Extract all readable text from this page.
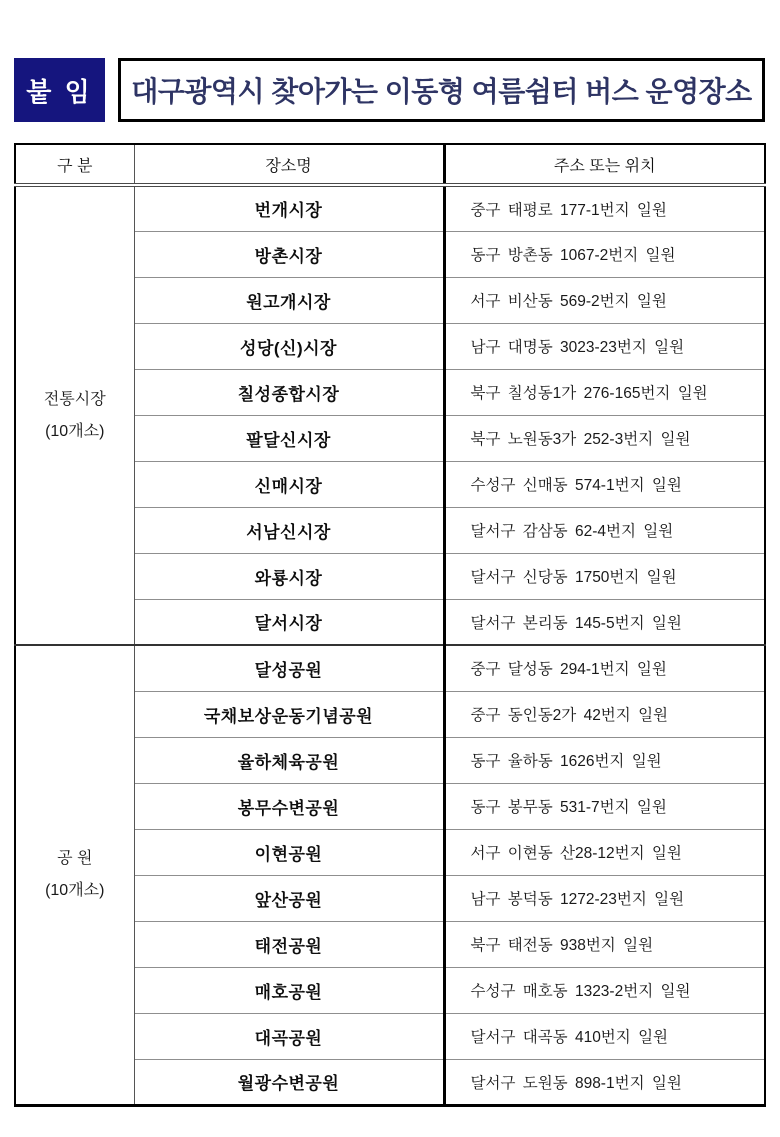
붙 임	대구광역시 찾아가는 이동형 여름쉼터 버스 운영장소
구 분	장소명	주소 또는 위치
전통시장
(10개소)	번개시장	중구 태평로 177-1번지 일원
	방촌시장	동구 방촌동 1067-2번지 일원
	원고개시장	서구 비산동 569-2번지 일원
	성당(신)시장	남구 대명동 3023-23번지 일원
	칠성종합시장	북구 칠성동1가 276-165번지 일원
	팔달신시장	북구 노원동3가 252-3번지 일원
	신매시장	수성구 신매동 574-1번지 일원
	서남신시장	달서구 감삼동 62-4번지 일원
	와룡시장	달서구 신당동 1750번지 일원
	달서시장	달서구 본리동 145-5번지 일원
공 원
(10개소)	달성공원	중구 달성동 294-1번지 일원
	국채보상운동기념공원	중구 동인동2가 42번지 일원
	율하체육공원	동구 율하동 1626번지 일원
	봉무수변공원	동구 봉무동 531-7번지 일원
	이현공원	서구 이현동 산28-12번지 일원
	앞산공원	남구 봉덕동 1272-23번지 일원
	태전공원	북구 태전동 938번지 일원
	매호공원	수성구 매호동 1323-2번지 일원
	대곡공원	달서구 대곡동 410번지 일원
	월광수변공원	달서구 도원동 898-1번지 일원
